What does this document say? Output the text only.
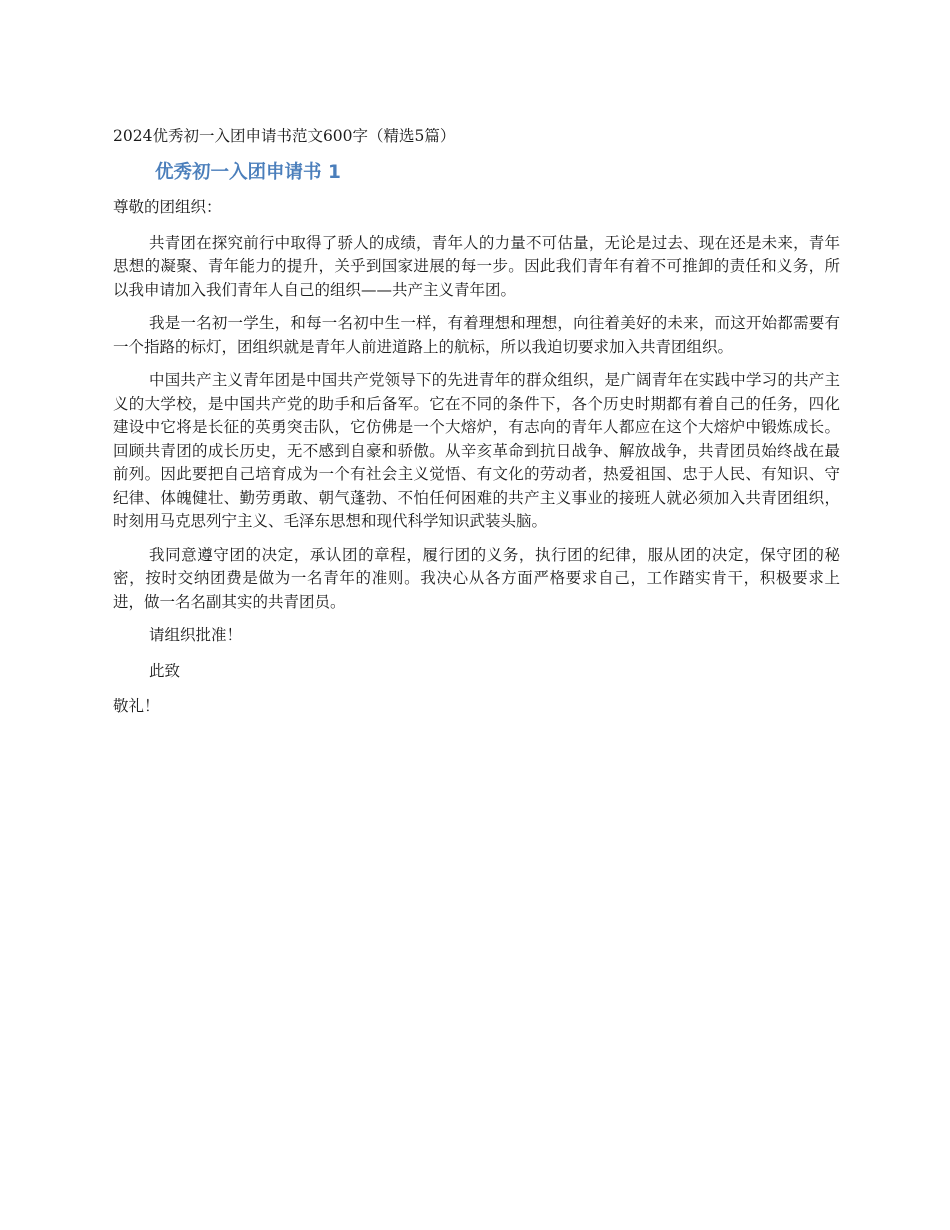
2024优秀初一入团申请书范文600字（精选5篇）
优秀初一入团申请书 1
尊敬的团组织：

共青团在探究前行中取得了骄人的成绩，青年人的力量不可估量，无论是过去、现在还是未来，青年思想的凝聚、青年能力的提升，关乎到国家进展的每一步。因此我们青年有着不可推卸的责任和义务，所以我申请加入我们青年人自己的组织——共产主义青年团。

我是一名初一学生，和每一名初中生一样，有着理想和理想，向往着美好的未来，而这开始都需要有一个指路的标灯，团组织就是青年人前进道路上的航标，所以我迫切要求加入共青团组织。

中国共产主义青年团是中国共产党领导下的先进青年的群众组织，是广阔青年在实践中学习的共产主义的大学校，是中国共产党的助手和后备军。它在不同的条件下，各个历史时期都有着自己的任务，四化建设中它将是长征的英勇突击队，它仿佛是一个大熔炉，有志向的青年人都应在这个大熔炉中锻炼成长。回顾共青团的成长历史，无不感到自豪和骄傲。从辛亥革命到抗日战争、解放战争，共青团员始终战在最前列。因此要把自己培育成为一个有社会主义觉悟、有文化的劳动者，热爱祖国、忠于人民、有知识、守纪律、体魄健壮、勤劳勇敢、朝气蓬勃、不怕任何困难的共产主义事业的接班人就必须加入共青团组织，时刻用马克思列宁主义、毛泽东思想和现代科学知识武装头脑。

我同意遵守团的决定，承认团的章程，履行团的义务，执行团的纪律，服从团的决定，保守团的秘密，按时交纳团费是做为一名青年的准则。我决心从各方面严格要求自己，工作踏实肯干，积极要求上进，做一名名副其实的共青团员。

请组织批准！
此致
敬礼！
